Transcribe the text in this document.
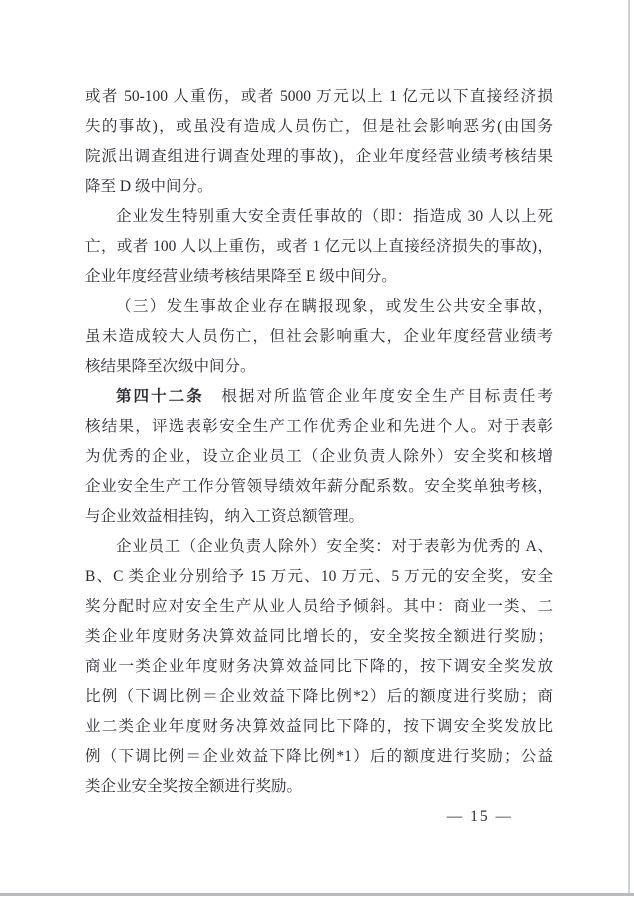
或者 50-100 人重伤，或者 5000 万元以上 1 亿元以下直接经济损
失的事故)，或虽没有造成人员伤亡，但是社会影响恶劣(由国务
院派出调查组进行调查处理的事故)，企业年度经营业绩考核结果
降至 D 级中间分。
企业发生特别重大安全责任事故的（即：指造成 30 人以上死
亡，或者 100 人以上重伤，或者 1 亿元以上直接经济损失的事故)，
企业年度经营业绩考核结果降至 E 级中间分。
（三）发生事故企业存在瞒报现象，或发生公共安全事故，
虽未造成较大人员伤亡，但社会影响重大，企业年度经营业绩考
核结果降至次级中间分。
第四十二条　根据对所监管企业年度安全生产目标责任考
核结果，评选表彰安全生产工作优秀企业和先进个人。对于表彰
为优秀的企业，设立企业员工（企业负责人除外）安全奖和核增
企业安全生产工作分管领导绩效年薪分配系数。安全奖单独考核，
与企业效益相挂钩，纳入工资总额管理。
企业员工（企业负责人除外）安全奖：对于表彰为优秀的 A、
B、C 类企业分别给予 15 万元、10 万元、5 万元的安全奖，安全
奖分配时应对安全生产从业人员给予倾斜。其中：商业一类、二
类企业年度财务决算效益同比增长的，安全奖按全额进行奖励；
商业一类企业年度财务决算效益同比下降的，按下调安全奖发放
比例（下调比例＝企业效益下降比例*2）后的额度进行奖励；商
业二类企业年度财务决算效益同比下降的，按下调安全奖发放比
例（下调比例＝企业效益下降比例*1）后的额度进行奖励；公益
类企业安全奖按全额进行奖励。
— 15 —
